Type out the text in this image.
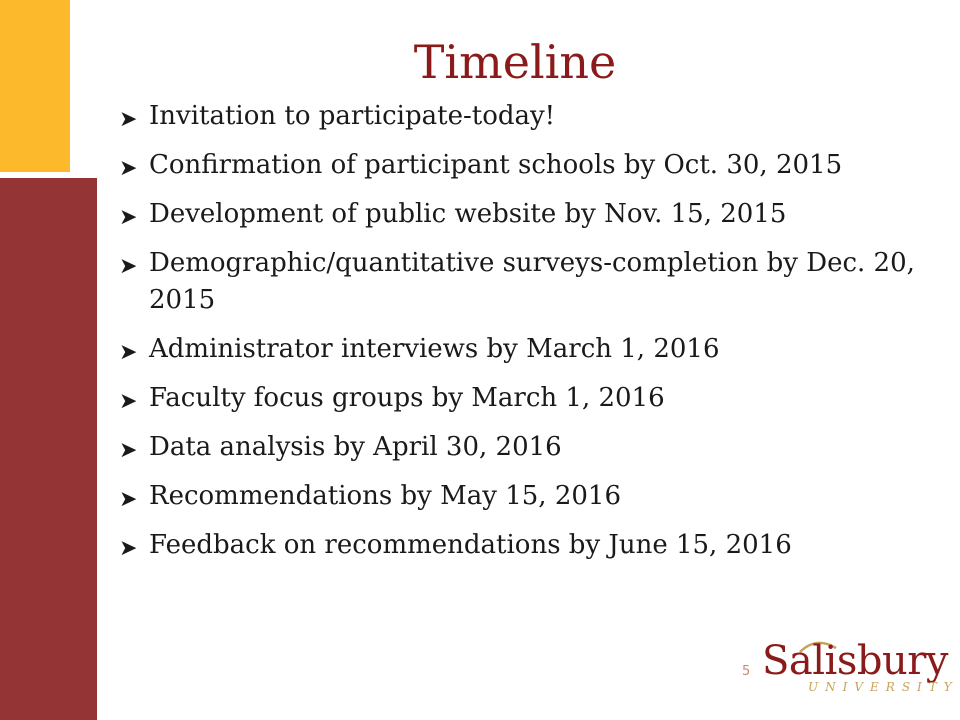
Timeline
➤ Invitation to participate-today!
➤ Confirmation of participant schools by Oct. 30, 2015
➤ Development of public website by Nov. 15, 2015
➤ Demographic/quantitative surveys-completion by Dec. 20, 2015
➤ Administrator interviews by March 1, 2016
➤ Faculty focus groups by March 1, 2016
➤ Data analysis by April 30, 2016
➤ Recommendations by May 15, 2016
➤ Feedback on recommendations by June 15, 2016
5 Salisbury
UNIVERSITY
